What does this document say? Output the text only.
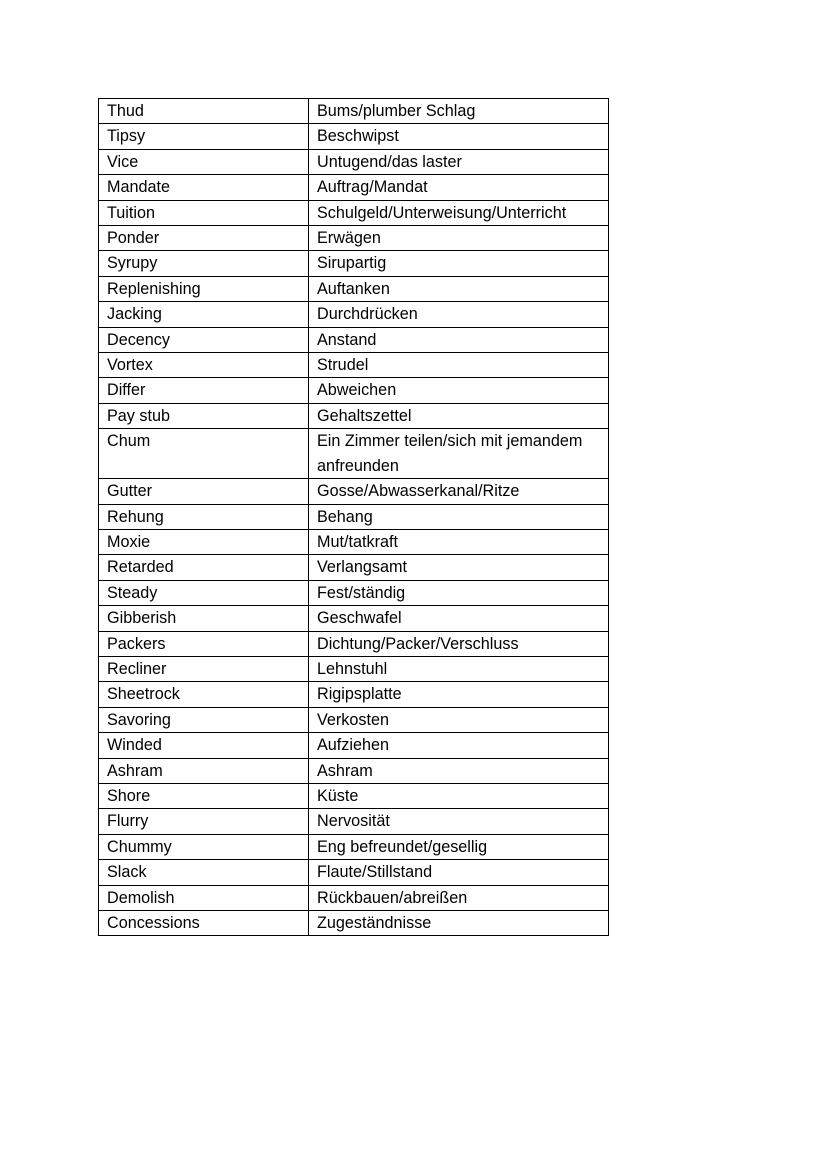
Thud	Bums/plumber Schlag
Tipsy	Beschwipst
Vice	Untugend/das laster
Mandate	Auftrag/Mandat
Tuition	Schulgeld/Unterweisung/Unterricht
Ponder	Erwägen
Syrupy	Sirupartig
Replenishing	Auftanken
Jacking	Durchdrücken
Decency	Anstand
Vortex	Strudel
Differ	Abweichen
Pay stub	Gehaltszettel
Chum	Ein Zimmer teilen/sich mit jemandem anfreunden
Gutter	Gosse/Abwasserkanal/Ritze
Rehung	Behang
Moxie	Mut/tatkraft
Retarded	Verlangsamt
Steady	Fest/ständig
Gibberish	Geschwafel
Packers	Dichtung/Packer/Verschluss
Recliner	Lehnstuhl
Sheetrock	Rigipsplatte
Savoring	Verkosten
Winded	Aufziehen
Ashram	Ashram
Shore	Küste
Flurry	Nervosität
Chummy	Eng befreundet/gesellig
Slack	Flaute/Stillstand
Demolish	Rückbauen/abreißen
Concessions	Zugeständnisse
